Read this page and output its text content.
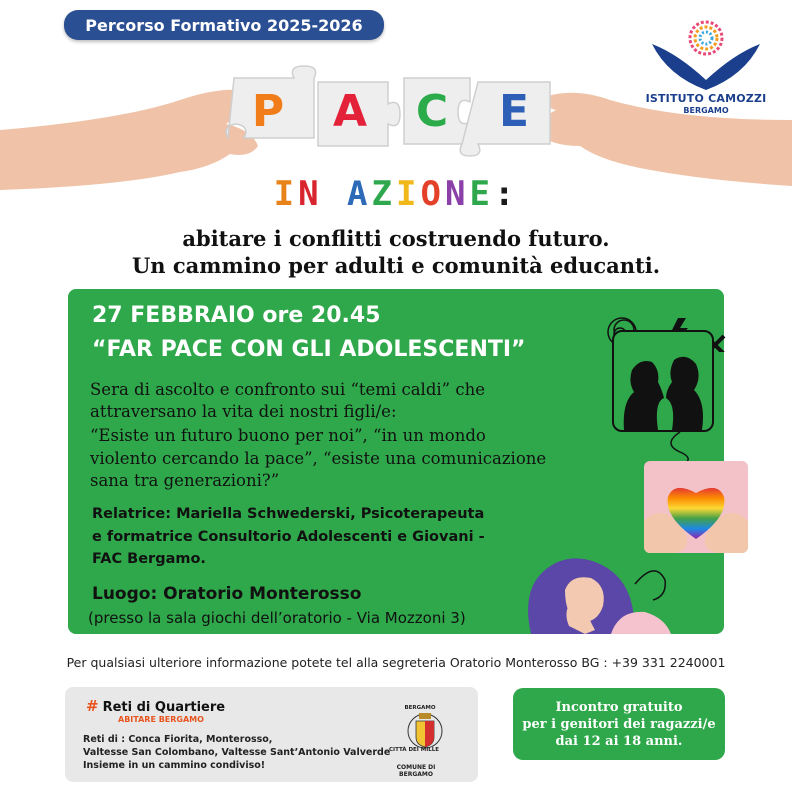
Percorso Formativo 2025-2026
ISTITUTO CAMOZZI
BERGAMO
P	A	C	E
IN AZIONE:
abitare i conflitti costruendo futuro.
Un cammino per adulti e comunità educanti.
27 FEBBRAIO ore 20.45
“FAR PACE CON GLI ADOLESCENTI”
Sera di ascolto e confronto sui “temi caldi” che
attraversano la vita dei nostri figli/e:
“Esiste un futuro buono per noi”, “in un mondo
violento cercando la pace”, “esiste una comunicazione
sana tra generazioni?”
Relatrice: Mariella Schwederski, Psicoterapeuta
e formatrice Consultorio Adolescenti e Giovani -
FAC Bergamo.
Luogo: Oratorio Monterosso
(presso la sala giochi dell’oratorio - Via Mozzoni 3)
Per qualsiasi ulteriore informazione potete tel alla segreteria Oratorio Monterosso BG : +39 331 2240001
# Reti di Quartiere
ABITARE BERGAMO
Reti di : Conca Fiorita, Monterosso,
Valtesse San Colombano, Valtesse Sant’Antonio Valverde
Insieme in un cammino condiviso!
BERGAMO
CITTÀ DEI MILLE
COMUNE DI BERGAMO
Incontro gratuito
per i genitori dei ragazzi/e
dai 12 ai 18 anni.
